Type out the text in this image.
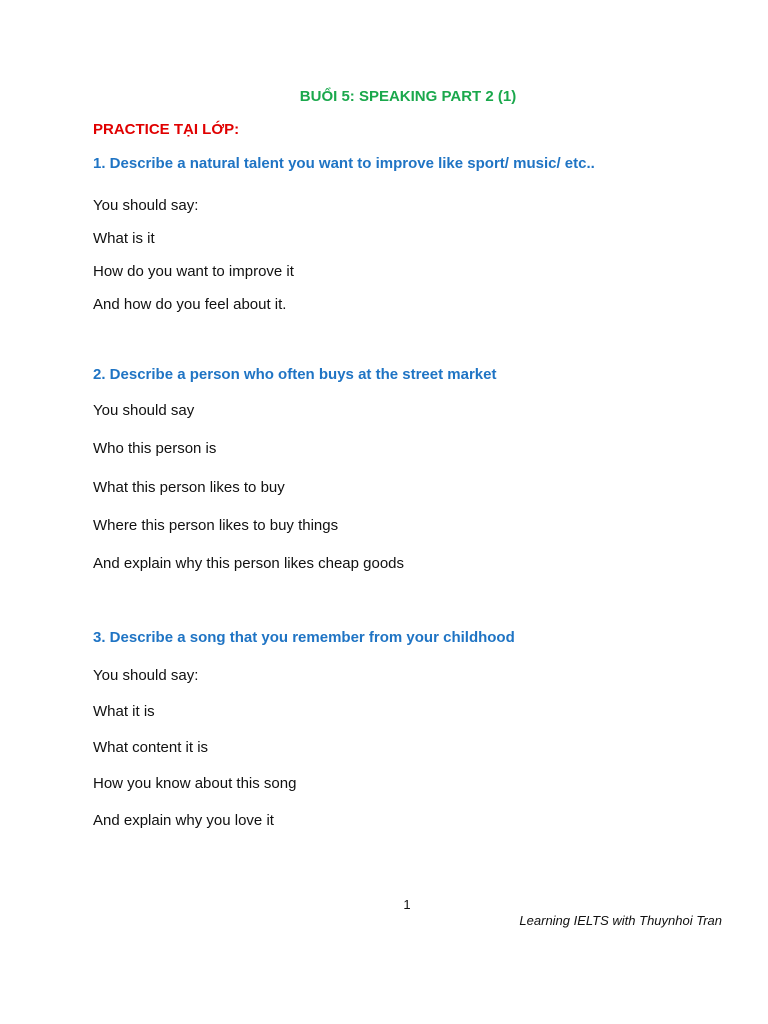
BUỔI 5: SPEAKING PART 2 (1)
PRACTICE TẠI LỚP:
1. Describe a natural talent you want to improve like sport/ music/ etc..
You should say:
What is it
How do you want to improve it
And how do you feel about it.
2. Describe a person who often buys at the street market
You should say
Who this person is
What this person likes to buy
Where this person likes to buy things
And explain why this person likes cheap goods
3. Describe a song that you remember from your childhood
You should say:
What it is
What content it is
How you know about this song
And explain why you love it
1
Learning IELTS with Thuynhoi Tran
